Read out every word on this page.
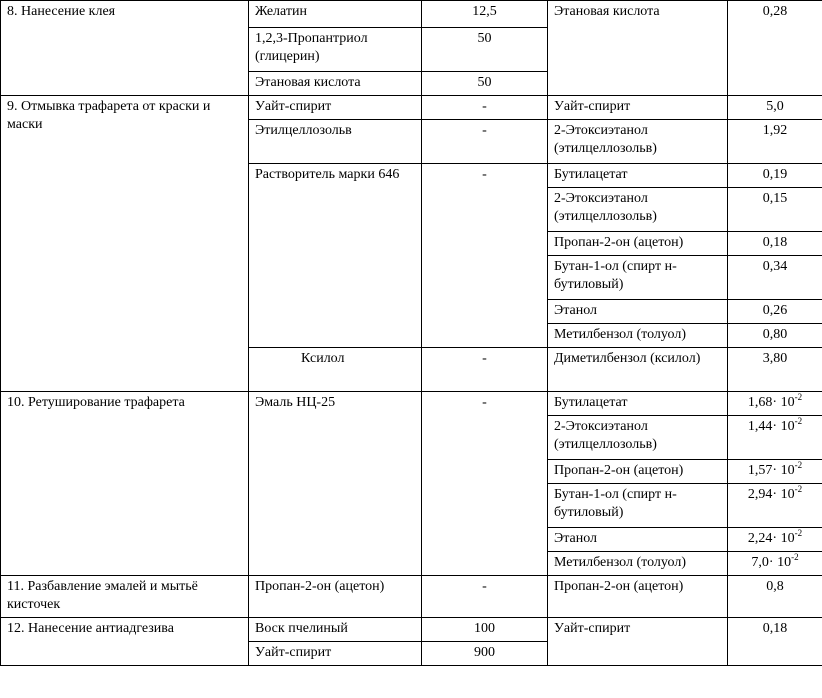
8. Нанесение клея	Желатин	12,5	Этановая кислота	0,28
	1,2,3-Пропантриол (глицерин)	50		
	Этановая кислота	50		
9. Отмывка трафарета от краски и маски	Уайт-спирит	-	Уайт-спирит	5,0
	Этилцеллозольв	-	2-Этоксиэтанол (этилцеллозольв)	1,92
	Растворитель марки 646	-	Бутилацетат	0,19
			2-Этоксиэтанол (этилцеллозольв)	0,15
			Пропан-2-он (ацетон)	0,18
			Бутан-1-ол (спирт н-бутиловый)	0,34
			Этанол	0,26
			Метилбензол (толуол)	0,80
	Ксилол	-	Диметилбензол (ксилол)	3,80
10. Ретуширование трафарета	Эмаль НЦ-25	-	Бутилацетат	$1,68\cdot 10^{-2}$
			2-Этоксиэтанол (этилцеллозольв)	$1,44\cdot 10^{-2}$
			Пропан-2-он (ацетон)	$1,57\cdot 10^{-2}$
			Бутан-1-ол (спирт н-бутиловый)	$2,94\cdot 10^{-2}$
			Этанол	$2,24\cdot 10^{-2}$
			Метилбензол (толуол)	$7,0\cdot 10^{-2}$
11. Разбавление эмалей и мытьё кисточек	Пропан-2-он (ацетон)	-	Пропан-2-он (ацетон)	0,8
12. Нанесение антиадгезива	Воск пчелиный	100	Уайт-спирит	0,18
	Уайт-спирит	900		
